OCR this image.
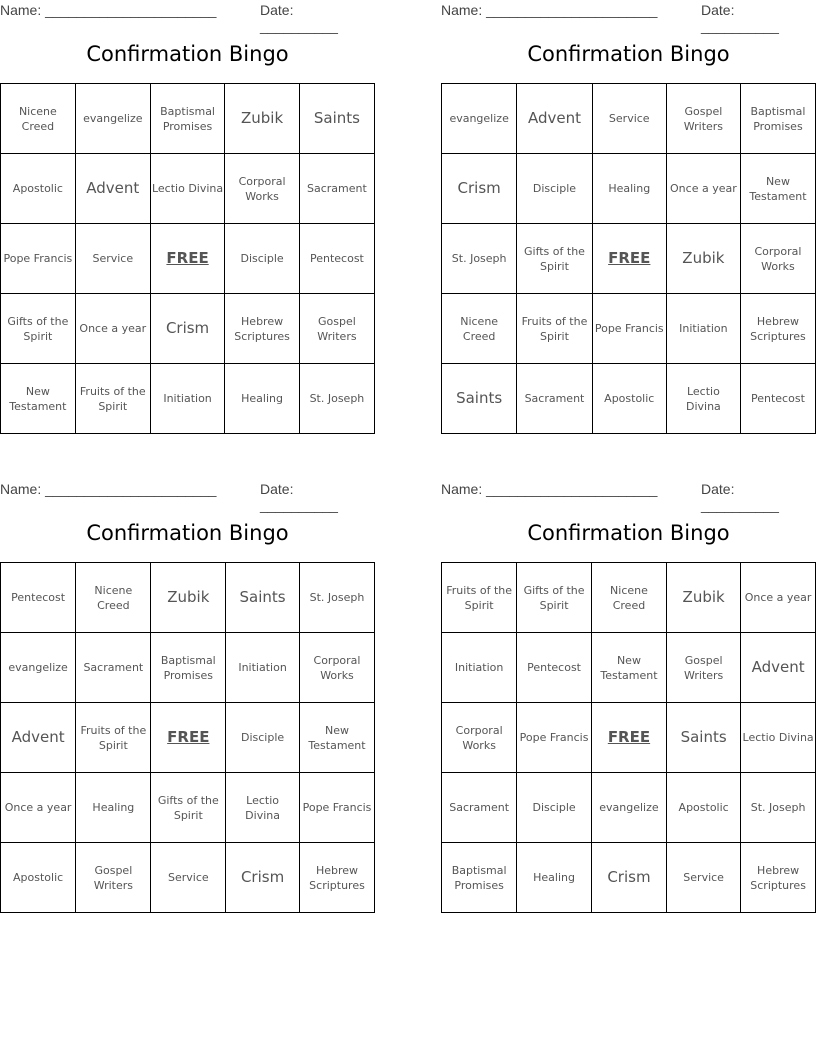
Name: ______________________	Date: __________
Confirmation Bingo
Nicene Creed	evangelize	Baptismal Promises	Zubik	Saints
Apostolic	Advent	Lectio Divina	Corporal Works	Sacrament
Pope Francis	Service	FREE	Disciple	Pentecost
Gifts of the Spirit	Once a year	Crism	Hebrew Scriptures	Gospel Writers
New Testament	Fruits of the Spirit	Initiation	Healing	St. Joseph
Name: ______________________	Date: __________
Confirmation Bingo
evangelize	Advent	Service	Gospel Writers	Baptismal Promises
Crism	Disciple	Healing	Once a year	New Testament
St. Joseph	Gifts of the Spirit	FREE	Zubik	Corporal Works
Nicene Creed	Fruits of the Spirit	Pope Francis	Initiation	Hebrew Scriptures
Saints	Sacrament	Apostolic	Lectio Divina	Pentecost
Name: ______________________	Date: __________
Confirmation Bingo
Pentecost	Nicene Creed	Zubik	Saints	St. Joseph
evangelize	Sacrament	Baptismal Promises	Initiation	Corporal Works
Advent	Fruits of the Spirit	FREE	Disciple	New Testament
Once a year	Healing	Gifts of the Spirit	Lectio Divina	Pope Francis
Apostolic	Gospel Writers	Service	Crism	Hebrew Scriptures
Name: ______________________	Date: __________
Confirmation Bingo
Fruits of the Spirit	Gifts of the Spirit	Nicene Creed	Zubik	Once a year
Initiation	Pentecost	New Testament	Gospel Writers	Advent
Corporal Works	Pope Francis	FREE	Saints	Lectio Divina
Sacrament	Disciple	evangelize	Apostolic	St. Joseph
Baptismal Promises	Healing	Crism	Service	Hebrew Scriptures
